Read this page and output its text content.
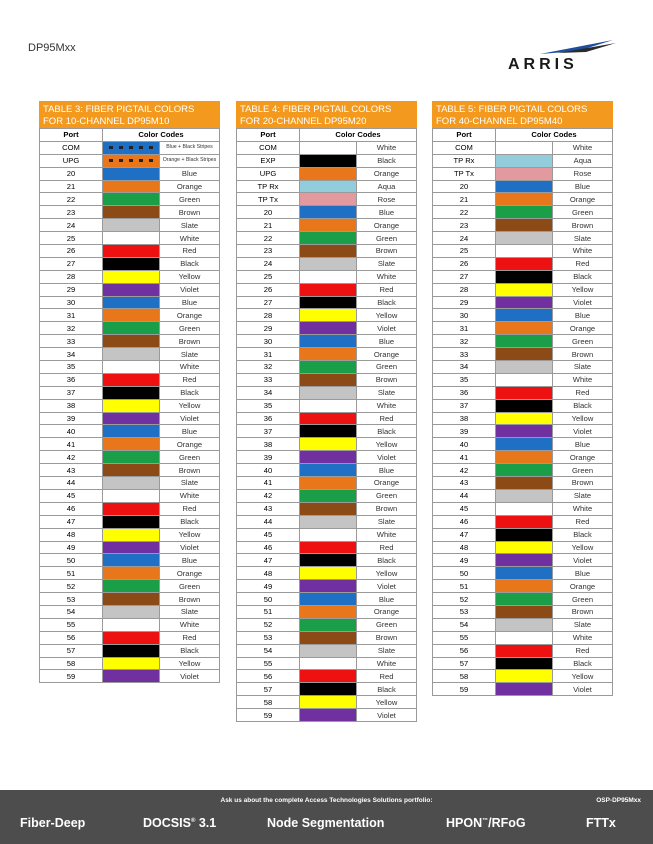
DP95Mxx
ARRIS
TABLE 3: FIBER PIGTAIL COLORS FOR 10-CHANNEL DP95M10
Port	Color Codes	
COM		Blue + Black Stripes
UPG		Orange + Black Stripes
20		Blue
21		Orange
22		Green
23		Brown
24		Slate
25		White
26		Red
27		Black
28		Yellow
29		Violet
30		Blue
31		Orange
32		Green
33		Brown
34		Slate
35		White
36		Red
37		Black
38		Yellow
39		Violet
40		Blue
41		Orange
42		Green
43		Brown
44		Slate
45		White
46		Red
47		Black
48		Yellow
49		Violet
50		Blue
51		Orange
52		Green
53		Brown
54		Slate
55		White
56		Red
57		Black
58		Yellow
59		Violet
TABLE 4: FIBER PIGTAIL COLORS FOR 20-CHANNEL DP95M20
Port	Color Codes	
COM		White
EXP		Black
UPG		Orange
TP Rx		Aqua
TP Tx		Rose
20		Blue
21		Orange
22		Green
23		Brown
24		Slate
25		White
26		Red
27		Black
28		Yellow
29		Violet
30		Blue
31		Orange
32		Green
33		Brown
34		Slate
35		White
36		Red
37		Black
38		Yellow
39		Violet
40		Blue
41		Orange
42		Green
43		Brown
44		Slate
45		White
46		Red
47		Black
48		Yellow
49		Violet
50		Blue
51		Orange
52		Green
53		Brown
54		Slate
55		White
56		Red
57		Black
58		Yellow
59		Violet
TABLE 5: FIBER PIGTAIL COLORS FOR 40-CHANNEL DP95M40
Port	Color Codes	
COM		White
TP Rx		Aqua
TP Tx		Rose
20		Blue
21		Orange
22		Green
23		Brown
24		Slate
25		White
26		Red
27		Black
28		Yellow
29		Violet
30		Blue
31		Orange
32		Green
33		Brown
34		Slate
35		White
36		Red
37		Black
38		Yellow
39		Violet
40		Blue
41		Orange
42		Green
43		Brown
44		Slate
45		White
46		Red
47		Black
48		Yellow
49		Violet
50		Blue
51		Orange
52		Green
53		Brown
54		Slate
55		White
56		Red
57		Black
58		Yellow
59		Violet
Ask us about the complete Access Technologies Solutions portfolio:	OSP-DP95Mxx
Fiber-Deep	DOCSIS® 3.1	Node Segmentation	HPON™/RFoG	FTTx
